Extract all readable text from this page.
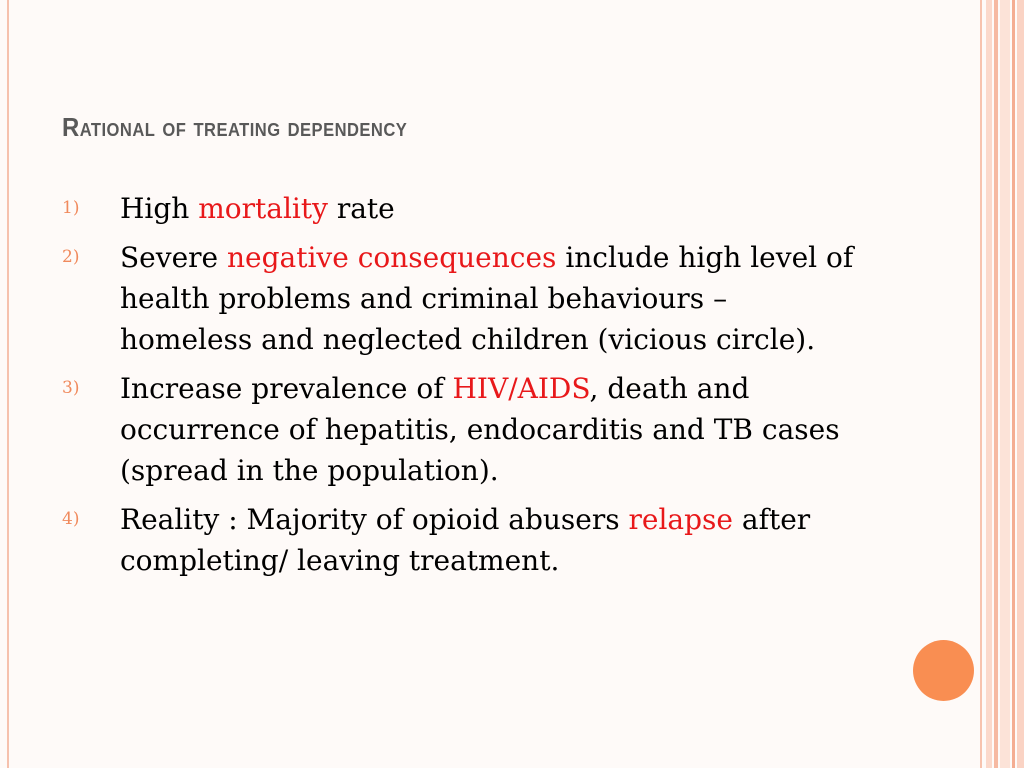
Rational of treating dependency
1) High mortality rate
2) Severe negative consequences include high level of health problems and criminal behaviours – homeless and neglected children (vicious circle).
3) Increase prevalence of HIV/AIDS, death and occurrence of hepatitis, endocarditis and TB cases (spread in the population).
4) Reality : Majority of opioid abusers relapse after completing/ leaving treatment.
